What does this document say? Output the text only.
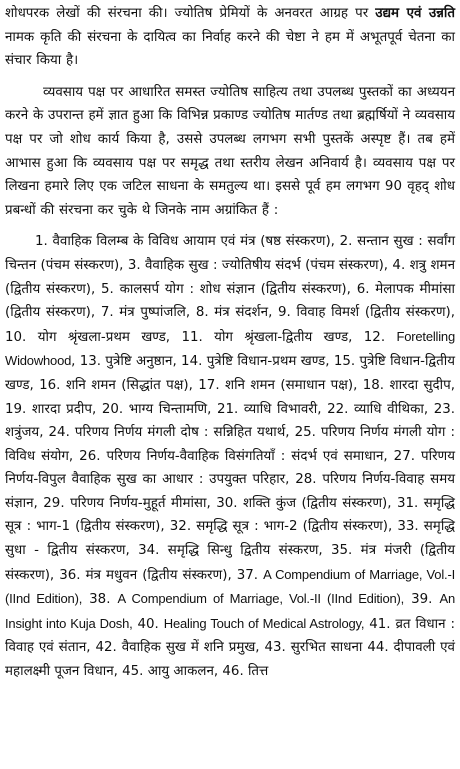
शोधपरक लेखों की संरचना की। ज्योतिष प्रेमियों के अनवरत आग्रह पर उद्यम एवं उन्नति नामक कृति की संरचना के दायित्व का निर्वाह करने की चेष्टा ने हम में अभूतपूर्व चेतना का संचार किया है।

व्यवसाय पक्ष पर आधारित समस्त ज्योतिष साहित्य तथा उपलब्ध पुस्तकों का अध्ययन करने के उपरान्त हमें ज्ञात हुआ कि विभिन्न प्रकाण्ड ज्योतिष मार्तण्ड तथा ब्रह्मर्षियों ने व्यवसाय पक्ष पर जो शोध कार्य किया है, उससे उपलब्ध लगभग सभी पुस्तकें अस्पृष्ट हैं। तब हमें आभास हुआ कि व्यवसाय पक्ष पर समृद्ध तथा स्तरीय लेखन अनिवार्य है। व्यवसाय पक्ष पर लिखना हमारे लिए एक जटिल साधना के समतुल्य था। इससे पूर्व हम लगभग 90 वृहद् शोध प्रबन्धों की संरचना कर चुके थे जिनके नाम अग्रांकित हैं :

1. वैवाहिक विलम्ब के विविध आयाम एवं मंत्र (षष्ठ संस्करण), 2. सन्तान सुख : सर्वांग चिन्तन (पंचम संस्करण), 3. वैवाहिक सुख : ज्योतिषीय संदर्भ (पंचम संस्करण), 4. शत्रु शमन (द्वितीय संस्करण), 5. कालसर्प योग : शोध संज्ञान (द्वितीय संस्करण), 6. मेलापक मीमांसा (द्वितीय संस्करण), 7. मंत्र पुष्पांजलि, 8. मंत्र संदर्शन, 9. विवाह विमर्श (द्वितीय संस्करण), 10. योग श्रृंखला-प्रथम खण्ड, 11. योग श्रृंखला-द्वितीय खण्ड, 12. Foretelling Widowhood, 13. पुत्रेष्टि अनुष्ठान, 14. पुत्रेष्टि विधान-प्रथम खण्ड, 15. पुत्रेष्टि विधान-द्वितीय खण्ड, 16. शनि शमन (सिद्धांत पक्ष), 17. शनि शमन (समाधान पक्ष), 18. शारदा सुदीप, 19. शारदा प्रदीप, 20. भाग्य चिन्तामणि, 21. व्याधि विभावरी, 22. व्याधि वीथिका, 23. शत्रुंजय, 24. परिणय निर्णय मंगली दोष : सन्निहित यथार्थ, 25. परिणय निर्णय मंगली योग : विविध संयोग, 26. परिणय निर्णय-वैवाहिक विसंगतियाँ : संदर्भ एवं समाधान, 27. परिणय निर्णय-विपुल वैवाहिक सुख का आधार : उपयुक्त परिहार, 28. परिणय निर्णय-विवाह समय संज्ञान, 29. परिणय निर्णय-मुहूर्त मीमांसा, 30. शक्ति कुंज (द्वितीय संस्करण), 31. समृद्धि सूत्र : भाग-1 (द्वितीय संस्करण), 32. समृद्धि सूत्र : भाग-2 (द्वितीय संस्करण), 33. समृद्धि सुधा - द्वितीय संस्करण, 34. समृद्धि सिन्धु द्वितीय संस्करण, 35. मंत्र मंजरी (द्वितीय संस्करण), 36. मंत्र मधुवन (द्वितीय संस्करण), 37. A Compendium of Marriage, Vol.-I (IInd Edition), 38. A Compendium of Marriage, Vol.-II (IInd Edition), 39. An Insight into Kuja Dosh, 40. Healing Touch of Medical Astrology, 41. व्रत विधान : विवाह एवं संतान, 42. वैवाहिक सुख में शनि प्रमुख, 43. सुरभित साधना 44. दीपावली एवं महालक्ष्मी पूजन विधान, 45. आयु आकलन, 46. तित्त
